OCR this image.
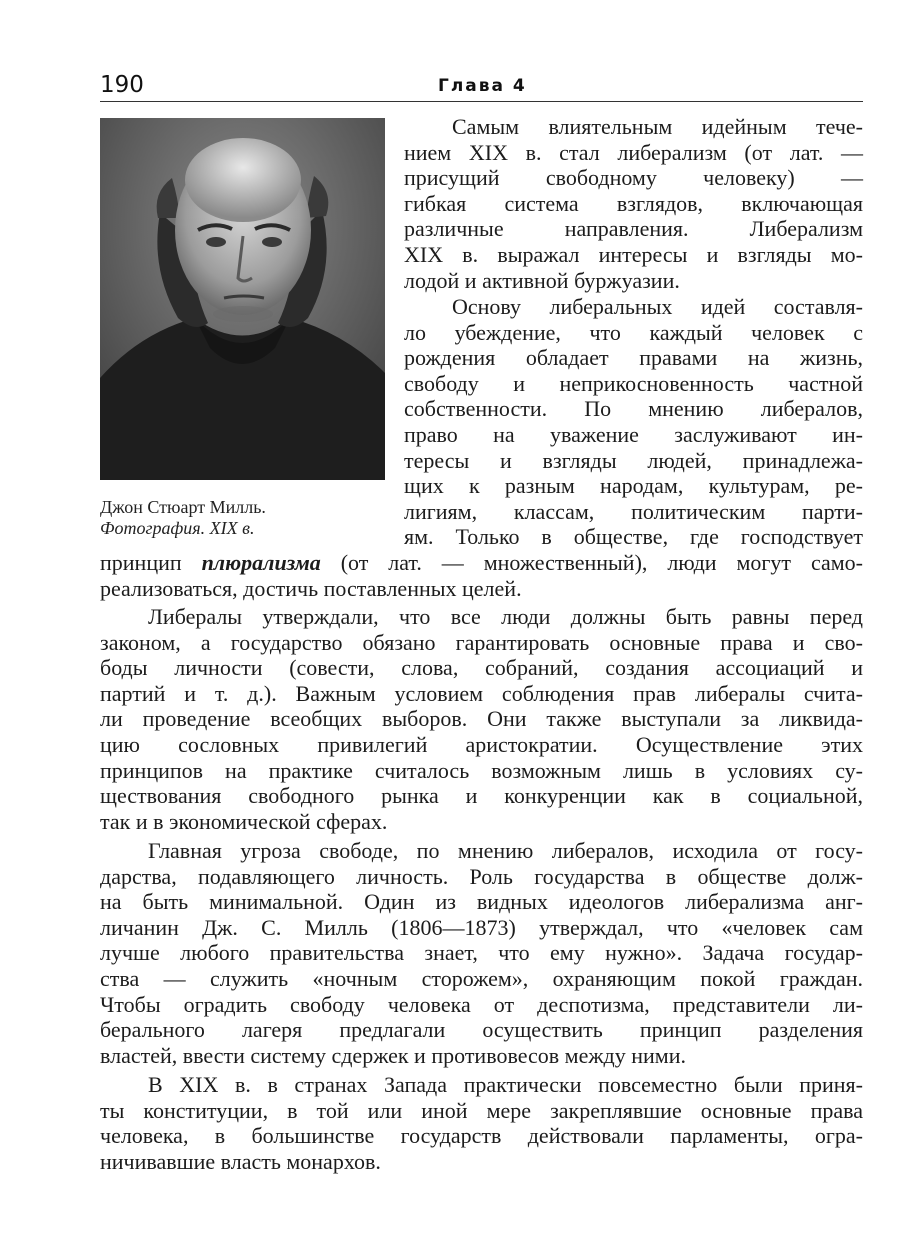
190	Глава 4
Джон Стюарт Милль.

Фотография. XIX в.
Самым влиятельным идейным тече-
нием XIX в. стал либерализм (от лат. —
присущий свободному человеку) —
гибкая система взглядов, включающая
различные направления. Либерализм
XIX в. выражал интересы и взгляды мо-
лодой и активной буржуазии.
Основу либеральных идей составля-
ло убеждение, что каждый человек с
рождения обладает правами на жизнь,
свободу и неприкосновенность частной
собственности. По мнению либералов,
право на уважение заслуживают ин-
тересы и взгляды людей, принадлежа-
щих к разным народам, культурам, ре-
лигиям, классам, политическим парти-
ям. Только в обществе, где господствует
принцип плюрализма (от лат. — множественный), люди могут само-
реализоваться, достичь поставленных целей.
Либералы утверждали, что все люди должны быть равны перед
законом, а государство обязано гарантировать основные права и сво-
боды личности (совести, слова, собраний, создания ассоциаций и
партий и т. д.). Важным условием соблюдения прав либералы счита-
ли проведение всеобщих выборов. Они также выступали за ликвида-
цию сословных привилегий аристократии. Осуществление этих
принципов на практике считалось возможным лишь в условиях су-
ществования свободного рынка и конкуренции как в социальной,
так и в экономической сферах.
Главная угроза свободе, по мнению либералов, исходила от госу-
дарства, подавляющего личность. Роль государства в обществе долж-
на быть минимальной. Один из видных идеологов либерализма анг-
личанин Дж. С. Милль (1806—1873) утверждал, что «человек сам
лучше любого правительства знает, что ему нужно». Задача государ-
ства — служить «ночным сторожем», охраняющим покой граждан.
Чтобы оградить свободу человека от деспотизма, представители ли-
берального лагеря предлагали осуществить принцип разделения
властей, ввести систему сдержек и противовесов между ними.
В XIX в. в странах Запада практически повсеместно были приня-
ты конституции, в той или иной мере закреплявшие основные права
человека, в большинстве государств действовали парламенты, огра-
ничивавшие власть монархов.
